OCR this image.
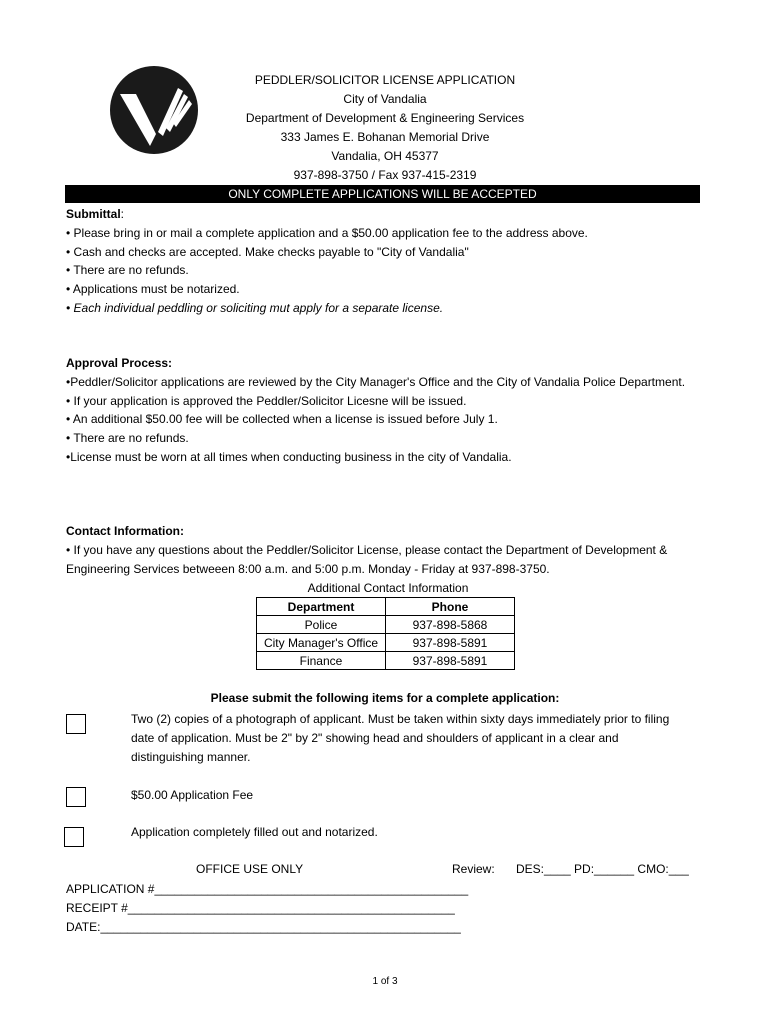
PEDDLER/SOLICITOR LICENSE APPLICATION
City of Vandalia
Department of Development & Engineering Services
333 James E. Bohanan Memorial Drive
Vandalia, OH 45377
937-898-3750 / Fax 937-415-2319
ONLY COMPLETE APPLICATIONS WILL BE ACCEPTED

Submittal:

• Please bring in or mail a complete application and a $50.00 application fee to the address above.

• Cash and checks are accepted. Make checks payable to "City of Vandalia"

• There are no refunds.

• Applications must be notarized.

• Each individual peddling or soliciting mut apply for a separate license.

Approval Process:

•Peddler/Solicitor applications are reviewed by the City Manager's Office and the City of Vandalia Police Department.

• If your application is approved the Peddler/Solicitor Licesne will be issued.

• An additional $50.00 fee will be collected when a license is issued before July 1.

• There are no refunds.

•License must be worn at all times when conducting business in the city of Vandalia.

Contact Information:

• If you have any questions about the Peddler/Solicitor License, please contact the Department of Development & Engineering Services betweeen 8:00 a.m. and 5:00 p.m. Monday - Friday at 937-898-3750.

Additional Contact Information
Department	Phone
Police	937-898-5868
City Manager's Office	937-898-5891
Finance	937-898-5891
Please submit the following items for a complete application:
Two (2) copies of a photograph of applicant. Must be taken within sixty days immediately prior to filing date of application. Must be 2" by 2" showing head and shoulders of applicant in a clear and distinguishing manner.
$50.00 Application Fee
Application completely filled out and notarized.
OFFICE USE ONLY	Review: DES:____ PD:______ CMO:___
APPLICATION #_______________________________________________
RECEIPT #_________________________________________________
DATE:______________________________________________________
1 of 3
